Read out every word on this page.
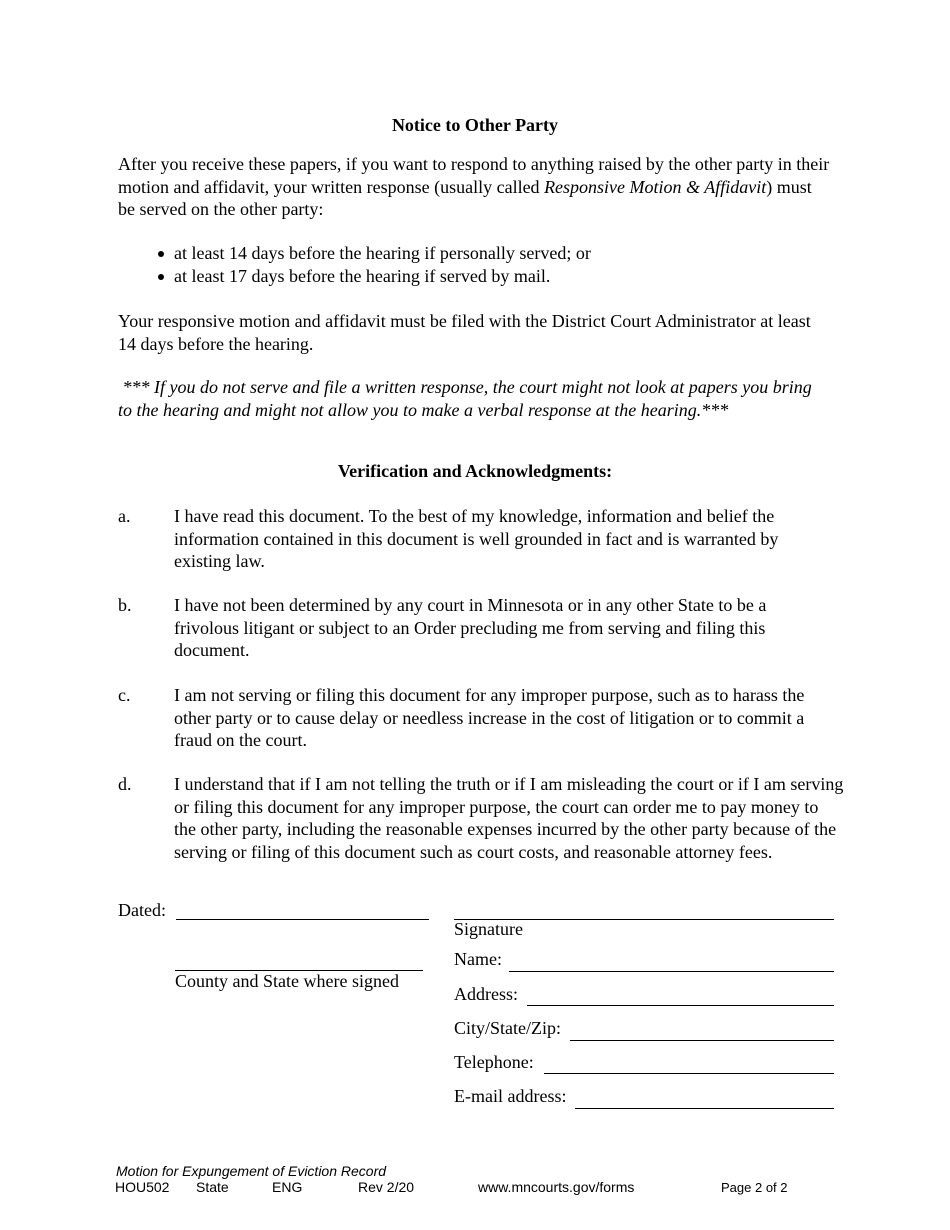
Notice to Other Party
After you receive these papers, if you want to respond to anything raised by the other party in their motion and affidavit, your written response (usually called Responsive Motion & Affidavit) must be served on the other party:
at least 14 days before the hearing if personally served; or
at least 17 days before the hearing if served by mail.
Your responsive motion and affidavit must be filed with the District Court Administrator at least 14 days before the hearing.
*** If you do not serve and file a written response, the court might not look at papers you bring to the hearing and might not allow you to make a verbal response at the hearing.***
Verification and Acknowledgments:
a.	I have read this document. To the best of my knowledge, information and belief the information contained in this document is well grounded in fact and is warranted by existing law.
b.	I have not been determined by any court in Minnesota or in any other State to be a frivolous litigant or subject to an Order precluding me from serving and filing this document.
c.	I am not serving or filing this document for any improper purpose, such as to harass the other party or to cause delay or needless increase in the cost of litigation or to commit a fraud on the court.
d.	I understand that if I am not telling the truth or if I am misleading the court or if I am serving or filing this document for any improper purpose, the court can order me to pay money to the other party, including the reasonable expenses incurred by the other party because of the serving or filing of this document such as court costs, and reasonable attorney fees.
Dated:
County and State where signed
Signature
Name:
Address:
City/State/Zip:
Telephone:
E-mail address:
Motion for Expungement of Eviction Record
HOU502 State	ENG	Rev 2/20	www.mncourts.gov/forms	Page 2 of 2
